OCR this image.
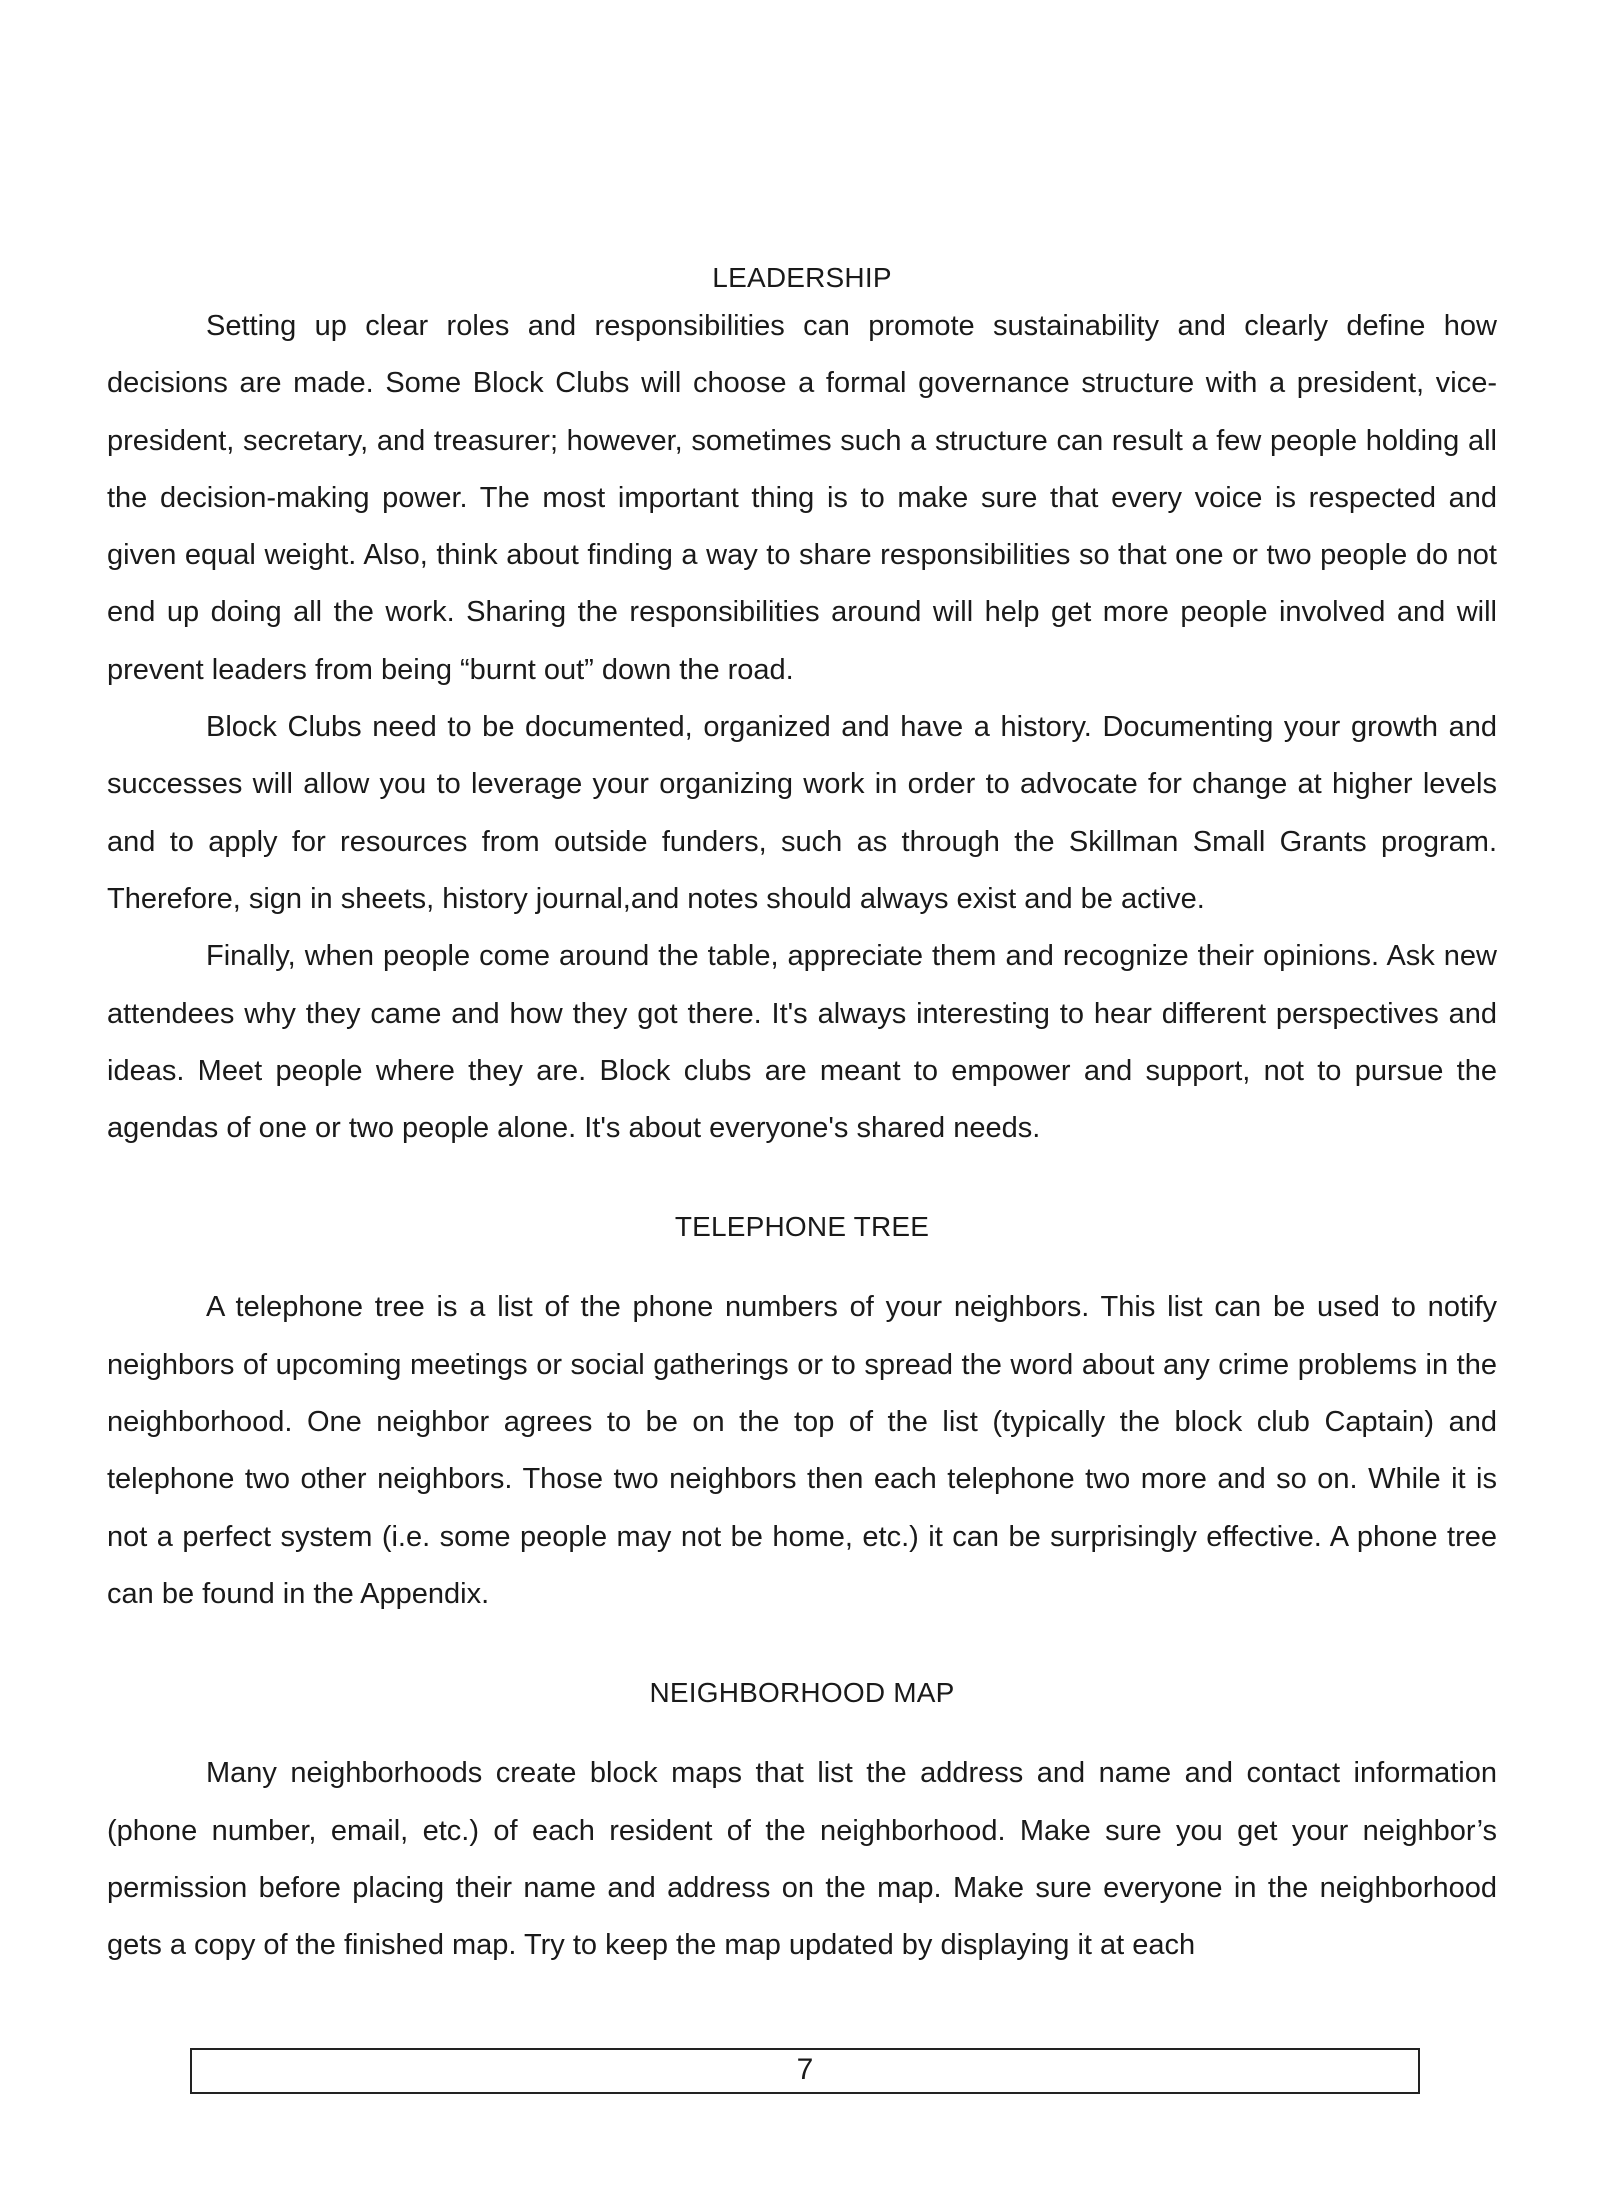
LEADERSHIP

Setting up clear roles and responsibilities can promote sustainability and clearly define how decisions are made. Some Block Clubs will choose a formal governance structure with a president, vice-president, secretary, and treasurer; however, sometimes such a structure can result a few people holding all the decision-making power. The most important thing is to make sure that every voice is respected and given equal weight. Also, think about finding a way to share responsibilities so that one or two people do not end up doing all the work. Sharing the responsibilities around will help get more people involved and will prevent leaders from being “burnt out” down the road.

Block Clubs need to be documented, organized and have a history. Documenting your growth and successes will allow you to leverage your organizing work in order to advocate for change at higher levels and to apply for resources from outside funders, such as through the Skillman Small Grants program. Therefore, sign in sheets, history journal,and notes should always exist and be active.

Finally, when people come around the table, appreciate them and recognize their opinions. Ask new attendees why they came and how they got there. It's always interesting to hear different perspectives and ideas. Meet people where they are. Block clubs are meant to empower and support, not to pursue the agendas of one or two people alone. It's about everyone's shared needs.

TELEPHONE TREE

A telephone tree is a list of the phone numbers of your neighbors. This list can be used to notify neighbors of upcoming meetings or social gatherings or to spread the word about any crime problems in the neighborhood. One neighbor agrees to be on the top of the list (typically the block club Captain) and telephone two other neighbors. Those two neighbors then each telephone two more and so on. While it is not a perfect system (i.e. some people may not be home, etc.) it can be surprisingly effective. A phone tree can be found in the Appendix.

NEIGHBORHOOD MAP

Many neighborhoods create block maps that list the address and name and contact information (phone number, email, etc.) of each resident of the neighborhood. Make sure you get your neighbor’s permission before placing their name and address on the map. Make sure everyone in the neighborhood gets a copy of the finished map. Try to keep the map updated by displaying it at each

7
